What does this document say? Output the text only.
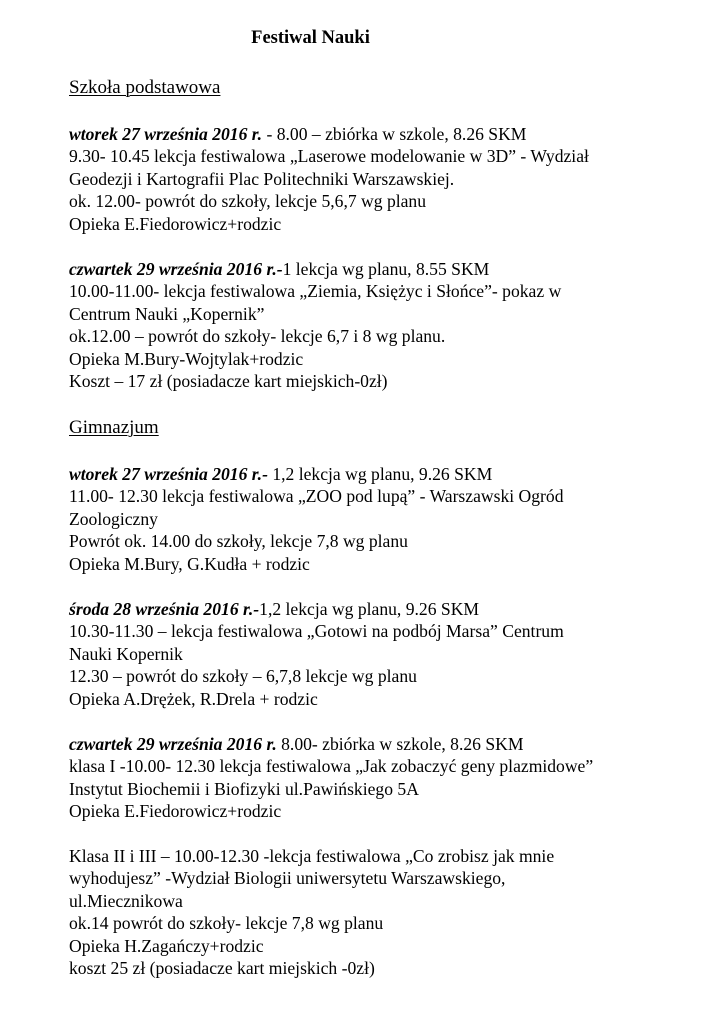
Festiwal Nauki
Szkoła podstawowa
wtorek 27 września 2016 r. - 8.00 – zbiórka w szkole, 8.26 SKM
9.30- 10.45 lekcja festiwalowa „Laserowe modelowanie w 3D” - Wydział
Geodezji i Kartografii Plac Politechniki Warszawskiej.
ok. 12.00- powrót do szkoły, lekcje 5,6,7 wg planu
Opieka E.Fiedorowicz+rodzic
czwartek 29 września 2016 r.-1 lekcja wg planu, 8.55 SKM
10.00-11.00- lekcja festiwalowa „Ziemia, Księżyc i Słońce”- pokaz w
Centrum Nauki „Kopernik”
ok.12.00 – powrót do szkoły- lekcje 6,7 i 8 wg planu.
Opieka M.Bury-Wojtylak+rodzic
Koszt – 17 zł (posiadacze kart miejskich-0zł)
Gimnazjum
wtorek 27 września 2016 r.- 1,2 lekcja wg planu, 9.26 SKM
11.00- 12.30 lekcja festiwalowa „ZOO pod lupą” - Warszawski Ogród
Zoologiczny
Powrót ok. 14.00 do szkoły, lekcje 7,8 wg planu
Opieka M.Bury, G.Kudła + rodzic
środa 28 września 2016 r.-1,2 lekcja wg planu, 9.26 SKM
10.30-11.30 – lekcja festiwalowa „Gotowi na podbój Marsa” Centrum
Nauki Kopernik
12.30 – powrót do szkoły – 6,7,8 lekcje wg planu
Opieka A.Drężek, R.Drela + rodzic
czwartek 29 września 2016 r. 8.00- zbiórka w szkole, 8.26 SKM
klasa I -10.00- 12.30 lekcja festiwalowa „Jak zobaczyć geny plazmidowe”
Instytut Biochemii i Biofizyki ul.Pawińskiego 5A
Opieka E.Fiedorowicz+rodzic
Klasa II i III – 10.00-12.30 -lekcja festiwalowa „Co zrobisz jak mnie
wyhodujesz” -Wydział Biologii uniwersytetu Warszawskiego,
ul.Miecznikowa
ok.14 powrót do szkoły- lekcje 7,8 wg planu
Opieka H.Zagańczy+rodzic
koszt 25 zł (posiadacze kart miejskich -0zł)
